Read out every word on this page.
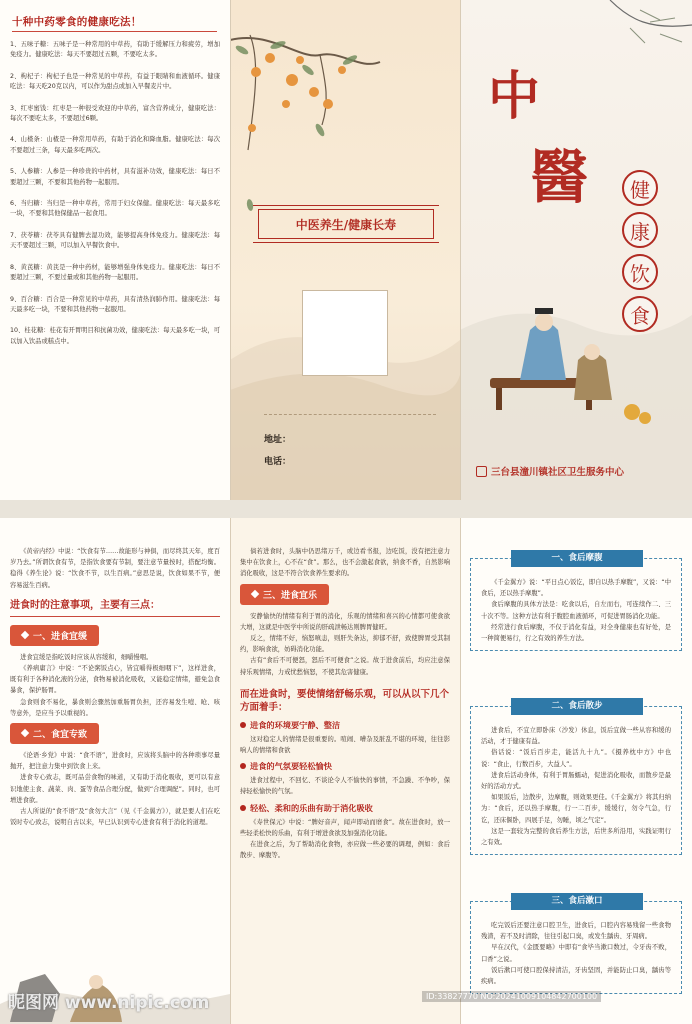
十种中药零食的健康吃法！

1、五味子糖：五味子是一种常用的中草药，有助于缓解压力和疲劳，增加免疫力。健康吃法：每天不要超过五颗，不要吃太多。

2、枸杞子：枸杞子也是一种常见的中草药，有益于眼睛和血液循环。健康吃法：每天吃20克以内，可以作为甜点或加入早餐麦片中。

3、红枣蜜饯：红枣是一种很受欢迎的中草药，富含营养成分，健康吃法：每次不要吃太多，不要超过6颗。

4、山楂条：山楂是一种常用草药，有助于消化和降血脂。健康吃法：每次不要超过三条，每天最多吃两次。

5、人参糖：人参是一种珍贵的中药材，具有滋补功效，健康吃法：每日不要超过三颗，不要和其他药物一起服用。

6、当归糖：当归是一种中草药，常用于妇女保健。健康吃法：每天最多吃一块，不要和其他保健品一起食用。

7、茯苓糖：茯苓具有健脾去湿功效，能够提高身体免疫力。健康吃法：每天不要超过三颗，可以加入早餐饮食中。

8、黄芪糖：黄芪是一种中药材，能够增强身体免疫力。健康吃法：每日不要超过三颗，不要过量或和其他药物一起服用。

9、百合糖：百合是一种常见的中草药，具有清热润肺作用。健康吃法：每天最多吃一块，不要和其他药物一起服用。

10、桂花糖：桂花有开胃明目和抗菌功效，健康吃法：每天最多吃一块，可以加入饮品或糕点中。

中医养生/健康长寿
地址：
电话：
中
醫	健
康
饮
食
三台县潼川镇社区卫生服务中心

《黄帝内经》中说：“饮食有节……故能形与神俱，而尽终其天年，度百岁乃去。”所谓饮食有节，是指饮食要有节制，要注意节量按时，搭配均衡。稳得《养生论》说：“饮食不节，以生百病。”意思是说，饮食如果不节，便容易滋生百病。

进食时的注意事项，主要有三点：

一、进食宜缓

进食宜缓是指吃饭时应该从容缓和，细嚼慢咽。

《养病庸言》中说：“不论粥饭点心，皆宜嚼得极细咽下”，这样进食，既有利于各种消化液的分泌，食物易被消化吸收，又能稳定情绪，避免急食暴食，保护肠胃。

急食则食不易化，暴食则会骤然加重肠胃负担，还容易发生噎、呛、咳等意外，是应当予以重视的。

二、食宜专致

《论语·乡党》中说：“食不语”，进食时，应该将头脑中的各种琐事尽量抛开，把注意力集中到饮食上来。

进食专心致志，既可品尝食物的味道，又有助于消化吸收，更可以有意识地使主食、蔬菜、肉、蛋等食品合理分配，做到“合理调配”。同时，也可增进食欲。

古人所说的“食不语”及“食勿大言”（见《千金翼方》），就是要人们在吃饭时专心致志，说明自古以来，早已认识到专心进食有利于消化的道理。

倘若进食时，头脑中仍思绪万千，或边看书报，边吃饭，没有把注意力集中在饮食上，心不在“食”。那么，也不会激起食欲，纳食不香，自然影响消化吸收，这是不符合饮食养生要求的。

三、进食宜乐

安静愉快的情绪有利于胃的消化，乐观的情绪和喜兴的心情都可使食欲大增，这就是中医学中所说的肝疏泄畅达则脾胃健旺。

反之，情绪不好，恼怒嗔恚，则肝失条达，抑郁不舒，致使脾胃受其制约，影响食欲，妨碍消化功能。

古有“食后不可便怒，怒后不可便食”之说。故于进食前后，均应注意保持乐观情绪，力戒忧愁恼怒，不使其危害健康。

而在进食时，要使情绪舒畅乐观，可以从以下几个方面着手：

进食的环境要宁静、整洁

这对稳定人的情绪是很重要的。喧闹、嘈杂及脏乱不堪的环境，往往影响人的情绪和食欲

进食的气氛要轻松愉快

进食过程中，不回忆、不谈论令人不愉快的事情，不急躁、不争吵，保持轻松愉快的气氛。

轻松、柔和的乐曲有助于消化吸收

《寿世保元》中说：“脾好音声，闻声即动而磨食”。故在进食时，放一些轻柔松快的乐曲，有利于增进食欲及加强消化功能。

在进食之后，为了帮助消化食物，亦应做一些必要的调理，例如：食后散步、摩腹等。

一、食后摩腹

《千金翼方》说：“平日点心饭讫，即自以热手摩腹”，又说：“中食后，还以热手摩腹”。

食后摩腹的具体方法是：吃食以后，自左而右，可连续作二、三十次不等。这种方法有利于腹腔血液循环，可促进胃肠消化功能。

经常进行食后摩腹，不仅于消化有益，对全身健康也有好处，是一种简便易行，行之有效的养生方法。

二、食后散步

进食后，不宜立即卧床（沙发）休息，饭后宜做一些从容和缓的活动，才于健康有益。

俗话说：“饭后百步走，能活九十九”。《摄养枕中方》中也说：“食止，行数百步，大益人”。

进食后活动身体，有利于胃肠蠕动，促进消化吸收，而散步是最好的活动方式。

如果饭后，边散步，边摩腹，则效果更佳。《千金翼方》将其归纳为：“食后，还以热手摩腹，行一二百步，缓缓行，勿令气急，行讫，还床偃卧，四展手足，勿睡，顷之气定”。

这是一套较为完整的食后养生方法，后世多所沿用，实践证明行之有效。

三、食后漱口

吃完饭后还要注意口腔卫生，进食后，口腔内容易残留一些食物残渣，若不及时清除，往往引起口臭，或发生龋齿、牙周病。

早在汉代，《金匮要略》中即有“食毕当漱口数过，令牙齿不败，口香”之说。

饭后漱口可使口腔保持清洁，牙齿坚固，并能防止口臭，龋齿等疾病。

昵图网 www.nipic.com	ID:33827770 NO:20241009104842700100
